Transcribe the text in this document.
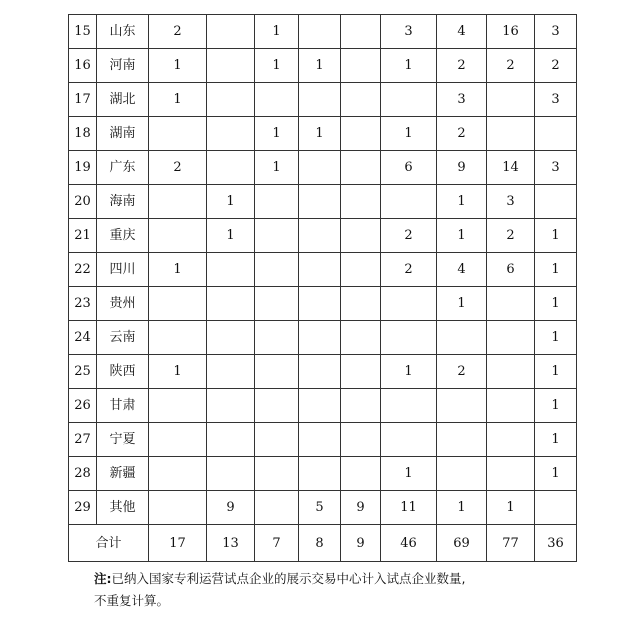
15	山东	2		1			3	4	16	3
16	河南	1		1	1		1	2	2	2
17	湖北	1						3		3
18	湖南			1	1		1	2		
19	广东	2		1			6	9	14	3
20	海南		1					1	3	
21	重庆		1				2	1	2	1
22	四川	1					2	4	6	1
23	贵州							1		1
24	云南									1
25	陕西	1					1	2		1
26	甘肃									1
27	宁夏									1
28	新疆						1			1
29	其他		9		5	9	11	1	1	
合计		17	13	7	8	9	46	69	77	36
注:已纳入国家专利运营试点企业的展示交易中心计入试点企业数量,
不重复计算。
